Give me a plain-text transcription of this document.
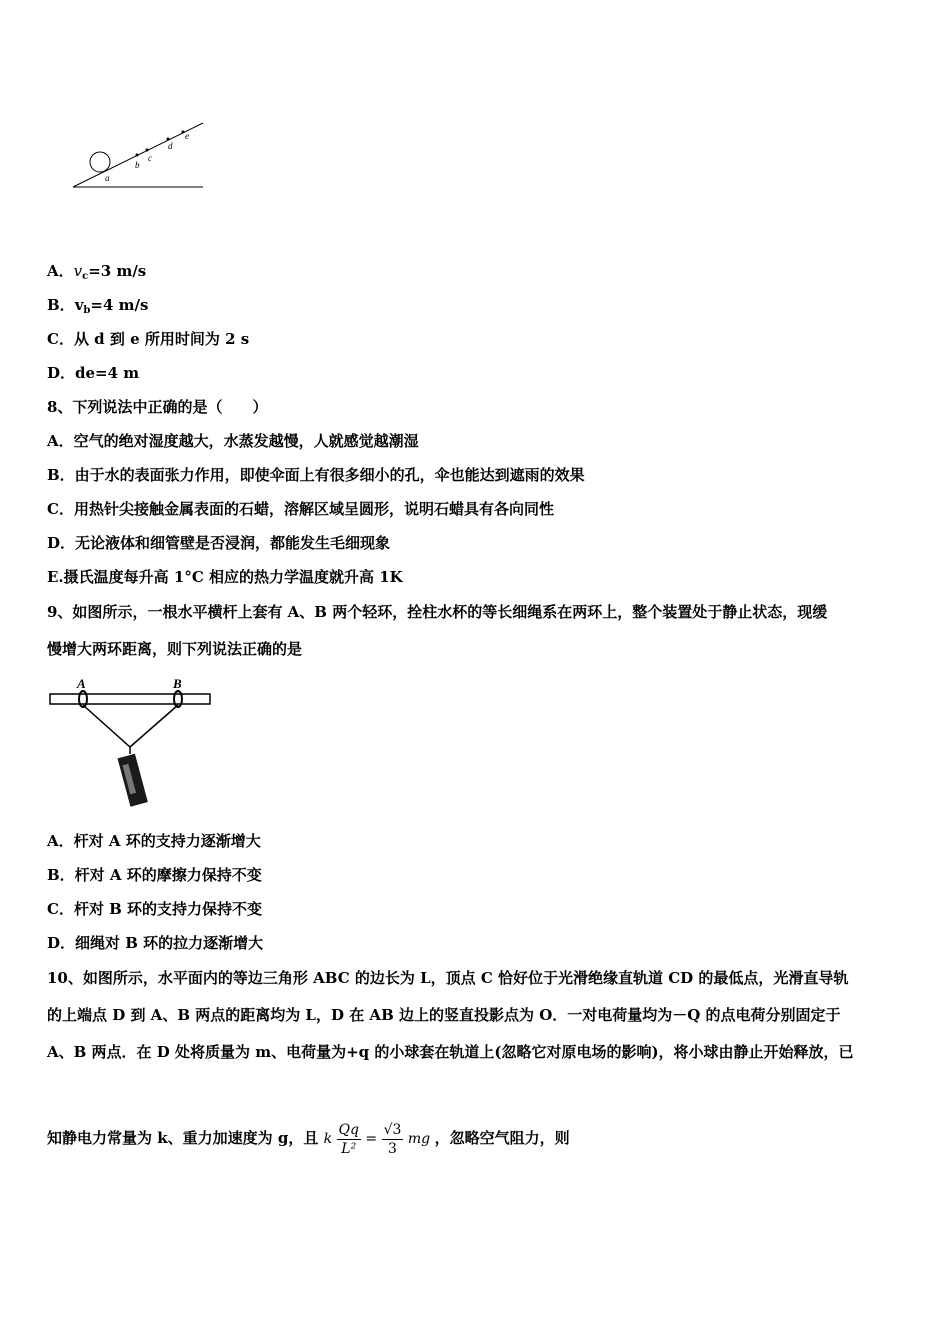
a
b
c
d
e
A．$v_c=3$ m/s
B．$v_b=4$ m/s
C．从 d 到 e 所用时间为 2 s
D．de=4 m
8、下列说法中正确的是（　　）
A．空气的绝对湿度越大，水蒸发越慢，人就感觉越潮湿
B．由于水的表面张力作用，即使伞面上有很多细小的孔，伞也能达到遮雨的效果
C．用热针尖接触金属表面的石蜡，溶解区域呈圆形，说明石蜡具有各向同性
D．无论液体和细管壁是否浸润，都能发生毛细现象
E.摄氏温度每升高 1°C 相应的热力学温度就升高 1K
9、如图所示，一根水平横杆上套有 A、B 两个轻环，拴柱水杯的等长细绳系在两环上，整个装置处于静止状态，现缓
慢增大两环距离，则下列说法正确的是
A	B
A．杆对 A 环的支持力逐渐增大
B．杆对 A 环的摩擦力保持不变
C．杆对 B 环的支持力保持不变
D．细绳对 B 环的拉力逐渐增大
10、如图所示，水平面内的等边三角形 ABC 的边长为 L，顶点 C 恰好位于光滑绝缘直轨道 CD 的最低点，光滑直导轨
的上端点 D 到 A、B 两点的距离均为 L，D 在 AB 边上的竖直投影点为 O．一对电荷量均为－Q 的点电荷分别固定于
A、B 两点．在 D 处将质量为 m、电荷量为+q 的小球套在轨道上(忽略它对原电场的影响)，将小球由静止开始释放，已
知静电力常量为 k、重力加速度为 g，且 k $\frac{Qq}{\text{L²}} = \frac{√3}{3}$ mg ，忽略空气阻力，则
